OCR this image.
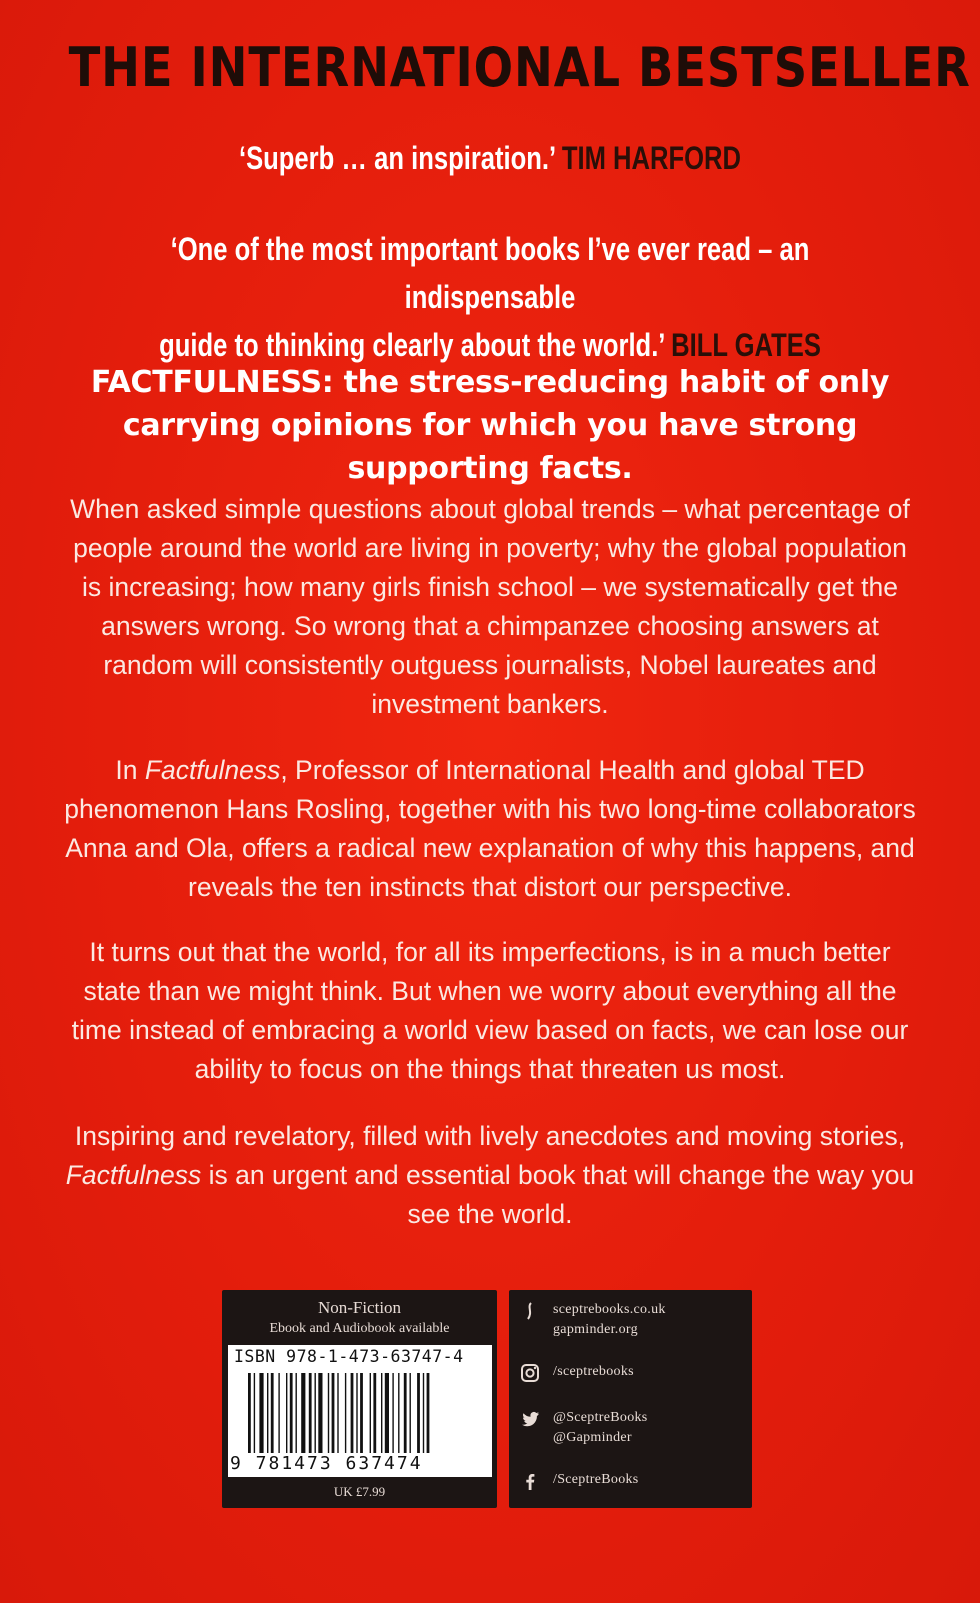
THE INTERNATIONAL BESTSELLER
‘Superb … an inspiration.’ TIM HARFORD
‘One of the most important books I’ve ever read – an indispensable
guide to thinking clearly about the world.’ BILL GATES
FACTFULNESS: the stress-reducing habit of only carrying opinions for which you have strong supporting facts.
When asked simple questions about global trends – what percentage of people around the world are living in poverty; why the global population is increasing; how many girls finish school – we systematically get the answers wrong. So wrong that a chimpanzee choosing answers at random will consistently outguess journalists, Nobel laureates and investment bankers.
In Factfulness, Professor of International Health and global TED phenomenon Hans Rosling, together with his two long-time collaborators Anna and Ola, offers a radical new explanation of why this happens, and reveals the ten instincts that distort our perspective.
It turns out that the world, for all its imperfections, is in a much better state than we might think. But when we worry about everything all the time instead of embracing a world view based on facts, we can lose our ability to focus on the things that threaten us most.
Inspiring and revelatory, filled with lively anecdotes and moving stories, Factfulness is an urgent and essential book that will change the way you see the world.
Non-Fiction
Ebook and Audiobook available
ISBN 978-1-473-63747-4
9 781473 637474
UK £7.99
sceptrebooks.co.uk
gapminder.org
/sceptrebooks
@SceptreBooks
@Gapminder
/SceptreBooks
